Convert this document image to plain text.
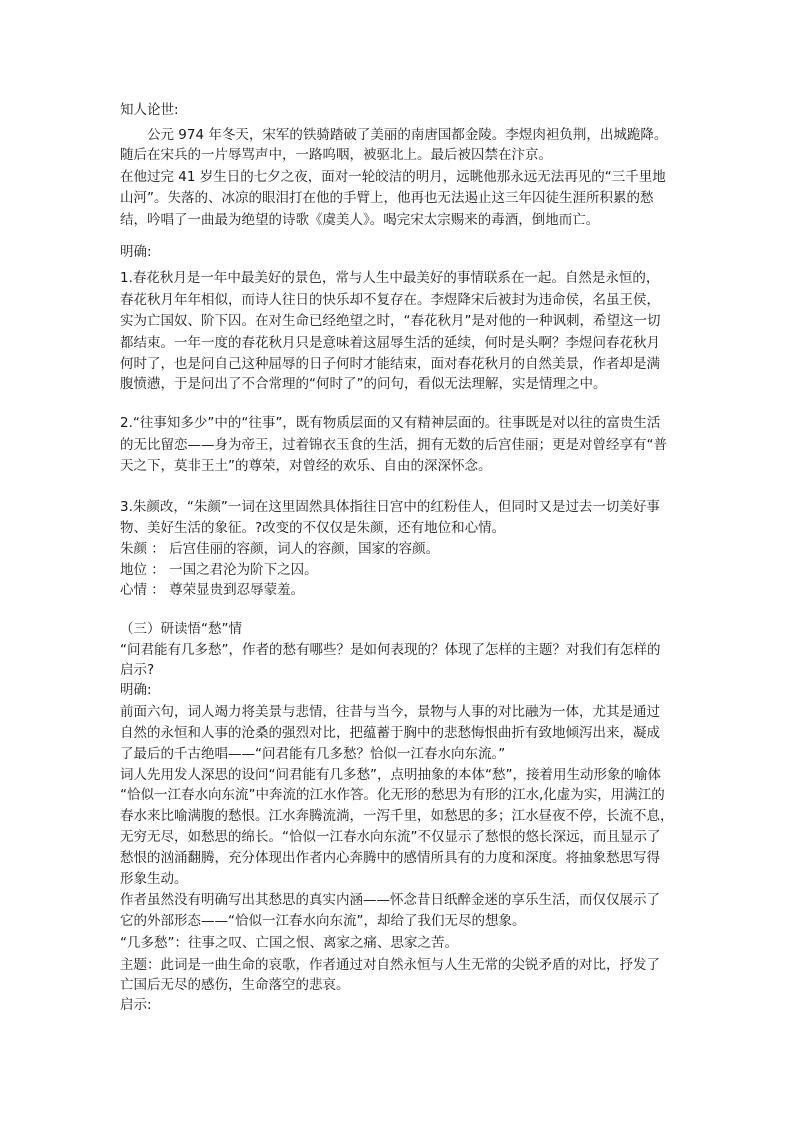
知人论世:
公元 974 年冬天，宋军的铁骑踏破了美丽的南唐国都金陵。李煜肉袒负荆，出城跪降。
随后在宋兵的一片辱骂声中，一路呜咽，被驱北上。最后被囚禁在汴京。
在他过完 41 岁生日的七夕之夜，面对一轮皎洁的明月，远眺他那永远无法再见的“三千里地
山河”。失落的、冰凉的眼泪打在他的手臂上，他再也无法遏止这三年囚徒生涯所积累的愁
结，吟唱了一曲最为绝望的诗歌《虞美人》。喝完宋太宗赐来的毒酒，倒地而亡。
明确:
1.春花秋月是一年中最美好的景色，常与人生中最美好的事情联系在一起。自然是永恒的，
春花秋月年年相似，而诗人往日的快乐却不复存在。李煜降宋后被封为违命侯，名虽王侯，
实为亡国奴、阶下囚。在对生命已经绝望之时，“春花秋月”是对他的一种讽刺，希望这一切
都结束。一年一度的春花秋月只是意味着这屈辱生活的延续，何时是头啊？李煜问春花秋月
何时了，也是问自己这种屈辱的日子何时才能结束，面对春花秋月的自然美景，作者却是满
腹愤懑，于是问出了不合常理的“何时了”的问句，看似无法理解，实是情理之中。
2.“往事知多少”中的“往事”，既有物质层面的又有精神层面的。往事既是对以往的富贵生活
的无比留恋——身为帝王，过着锦衣玉食的生活，拥有无数的后宫佳丽；更是对曾经享有“普
天之下，莫非王土”的尊荣，对曾经的欢乐、自由的深深怀念。
3.朱颜改，“朱颜”一词在这里固然具体指往日宫中的红粉佳人，但同时又是过去一切美好事
物、美好生活的象征。?改变的不仅仅是朱颜，还有地位和心情。
朱颜 ： 后宫佳丽的容颜，词人的容颜，国家的容颜。
地位 ： 一国之君沦为阶下之囚。
心情 ： 尊荣显贵到忍辱蒙羞。
（三）研读悟“愁”情
“问君能有几多愁”，作者的愁有哪些？是如何表现的？体现了怎样的主题？对我们有怎样的
启示?
明确:
前面六句，词人竭力将美景与悲情，往昔与当今，景物与人事的对比融为一体，尤其是通过
自然的永恒和人事的沧桑的强烈对比，把蕴蓄于胸中的悲愁悔恨曲折有致地倾泻出来，凝成
了最后的千古绝唱——“问君能有几多愁？恰似一江春水向东流。”
词人先用发人深思的设问“问君能有几多愁”，点明抽象的本体“愁”，接着用生动形象的喻体
“恰似一江春水向东流”中奔流的江水作答。化无形的愁思为有形的江水,化虚为实，用满江的
春水来比喻满腹的愁恨。江水奔腾流淌，一泻千里，如愁思的多；江水昼夜不停，长流不息，
无穷无尽，如愁思的绵长。“恰似一江春水向东流”不仅显示了愁恨的悠长深远，而且显示了
愁恨的汹涌翻腾，充分体现出作者内心奔腾中的感情所具有的力度和深度。将抽象愁思写得
形象生动。
作者虽然没有明确写出其愁思的真实内涵——怀念昔日纸醉金迷的享乐生活，而仅仅展示了
它的外部形态——“恰似一江春水向东流”，却给了我们无尽的想象。
“几多愁”：往事之叹、亡国之恨、离家之痛、思家之苦。
主题：此词是一曲生命的哀歌，作者通过对自然永恒与人生无常的尖锐矛盾的对比，抒发了
亡国后无尽的感伤，生命落空的悲哀。
启示:
